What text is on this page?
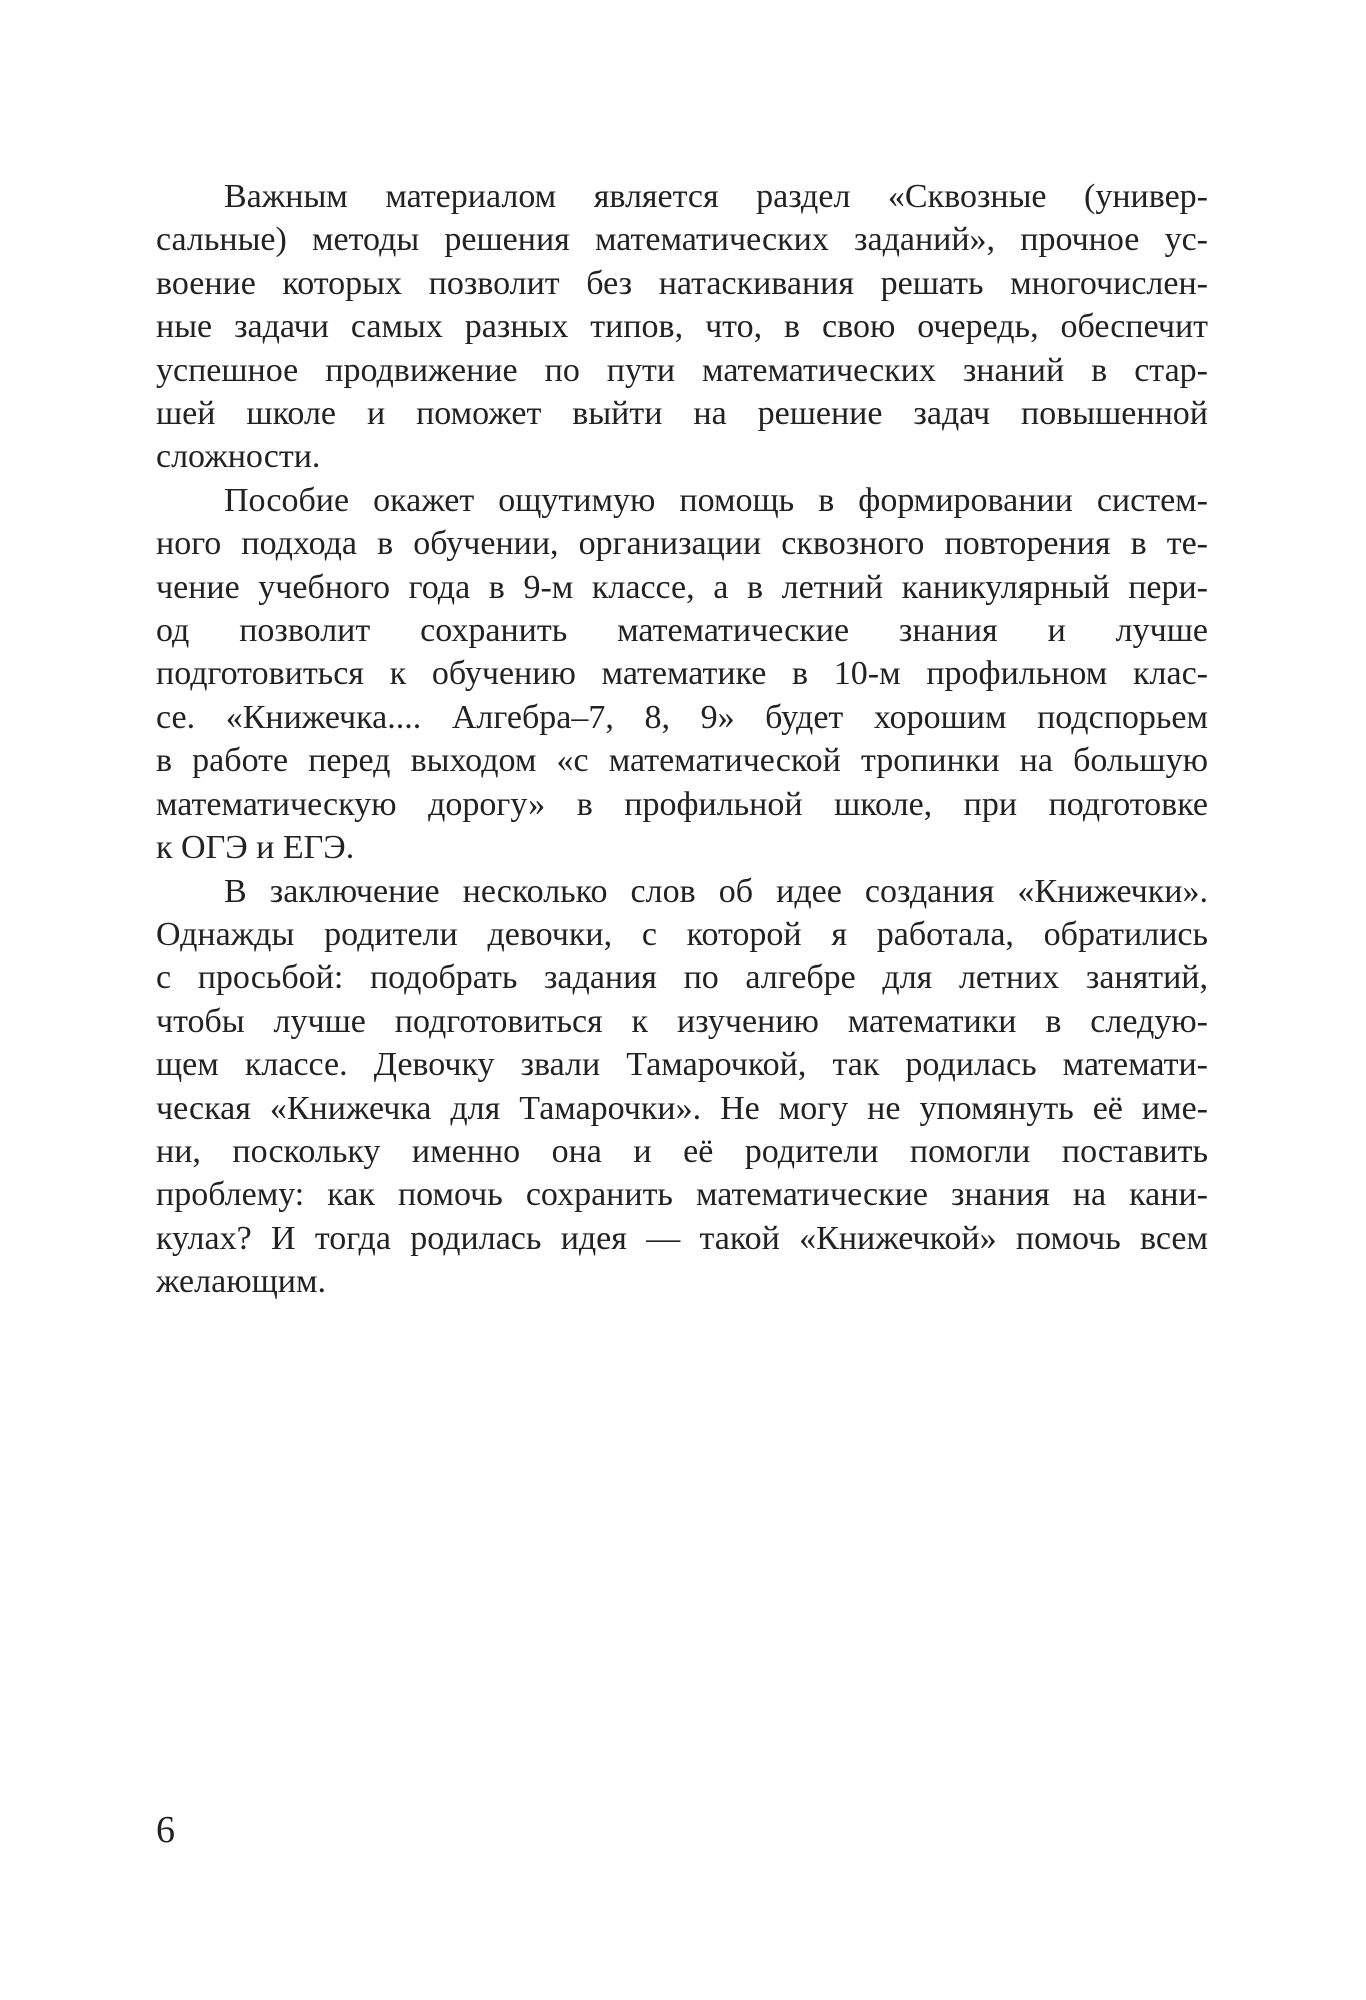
Важным материалом является раздел «Сквозные (универ-
сальные) методы решения математических заданий», прочное ус-
воение которых позволит без натаскивания решать многочислен-
ные задачи самых разных типов, что, в свою очередь, обеспечит
успешное продвижение по пути математических знаний в стар-
шей школе и поможет выйти на решение задач повышенной
сложности.

Пособие окажет ощутимую помощь в формировании систем-
ного подхода в обучении, организации сквозного повторения в те-
чение учебного года в 9-м классе, а в летний каникулярный пери-
од позволит сохранить математические знания и лучше
подготовиться к обучению математике в 10-м профильном клас-
се. «Книжечка.... Алгебра–7, 8, 9» будет хорошим подспорьем
в работе перед выходом «с математической тропинки на большую
математическую дорогу» в профильной школе, при подготовке
к ОГЭ и ЕГЭ.

В заключение несколько слов об идее создания «Книжечки».
Однажды родители девочки, с которой я работала, обратились
с просьбой: подобрать задания по алгебре для летних занятий,
чтобы лучше подготовиться к изучению математики в следую-
щем классе. Девочку звали Тамарочкой, так родилась математи-
ческая «Книжечка для Тамарочки». Не могу не упомянуть её име-
ни, поскольку именно она и её родители помогли поставить
проблему: как помочь сохранить математические знания на кани-
кулах? И тогда родилась идея — такой «Книжечкой» помочь всем
желающим.

6
